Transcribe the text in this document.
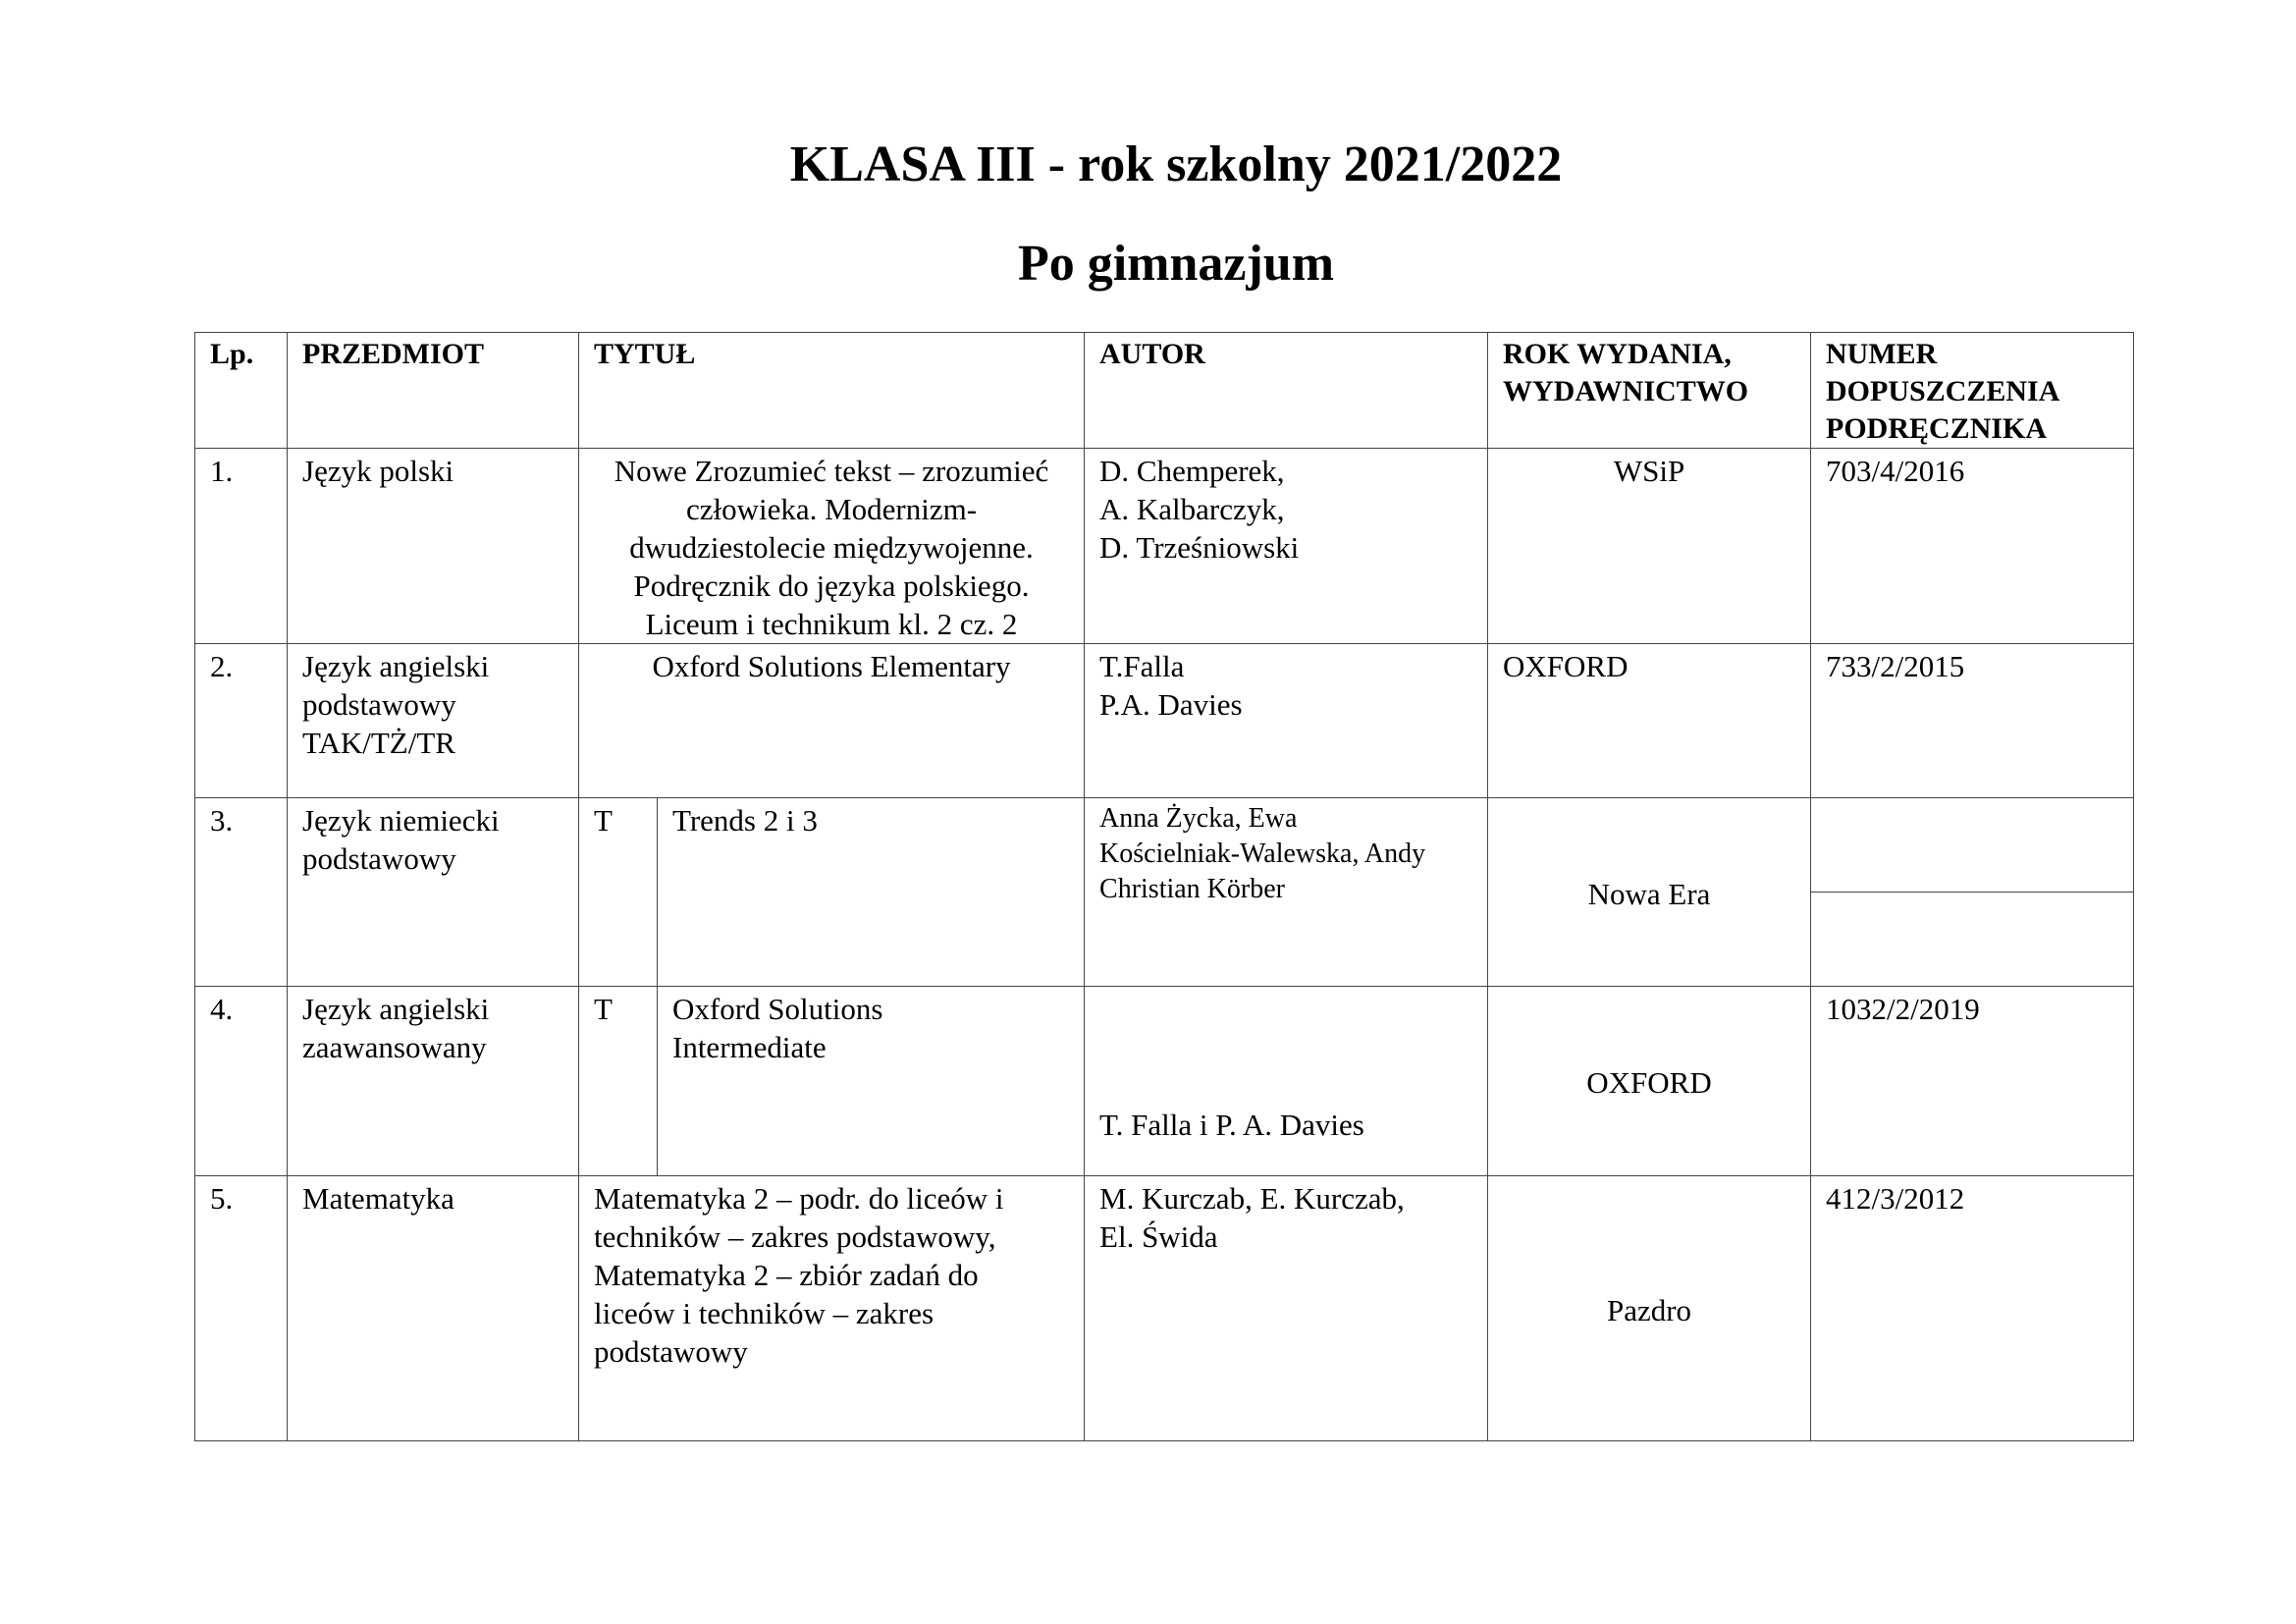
KLASA III - rok szkolny 2021/2022
Po gimnazjum
Lp.	PRZEDMIOT	TYTUŁ		AUTOR	ROK WYDANIA,
WYDAWNICTWO	NUMER
DOPUSZCZENIA
PODRĘCZNIKA

1.	Język polski	Nowe Zrozumieć tekst – zrozumieć
człowieka. Modernizm-
dwudziestolecie międzywojenne.
Podręcznik do języka polskiego.
Liceum i technikum kl. 2 cz. 2		D. Chemperek,
A. Kalbarczyk,
D. Trześniowski	WSiP	703/4/2016
2.	Język angielski
podstawowy
TAK/TŻ/TR	Oxford Solutions Elementary		T.Falla
P.A. Davies	OXFORD	733/2/2015
3.	Język niemiecki
podstawowy	T	Trends 2 i 3	Anna Życka, Ewa
Kościelniak-Walewska, Andy
Christian Körber	Nowa Era	

4.	Język angielski
zaawansowany	T	Oxford Solutions
Intermediate	T. Falla i P. A. Davies	OXFORD	1032/2/2019
5.	Matematyka	Matematyka 2 – podr. do liceów i
techników – zakres podstawowy,
Matematyka 2 – zbiór zadań do
liceów i techników – zakres
podstawowy		M. Kurczab, E. Kurczab,
El. Świda	Pazdro	412/3/2012
